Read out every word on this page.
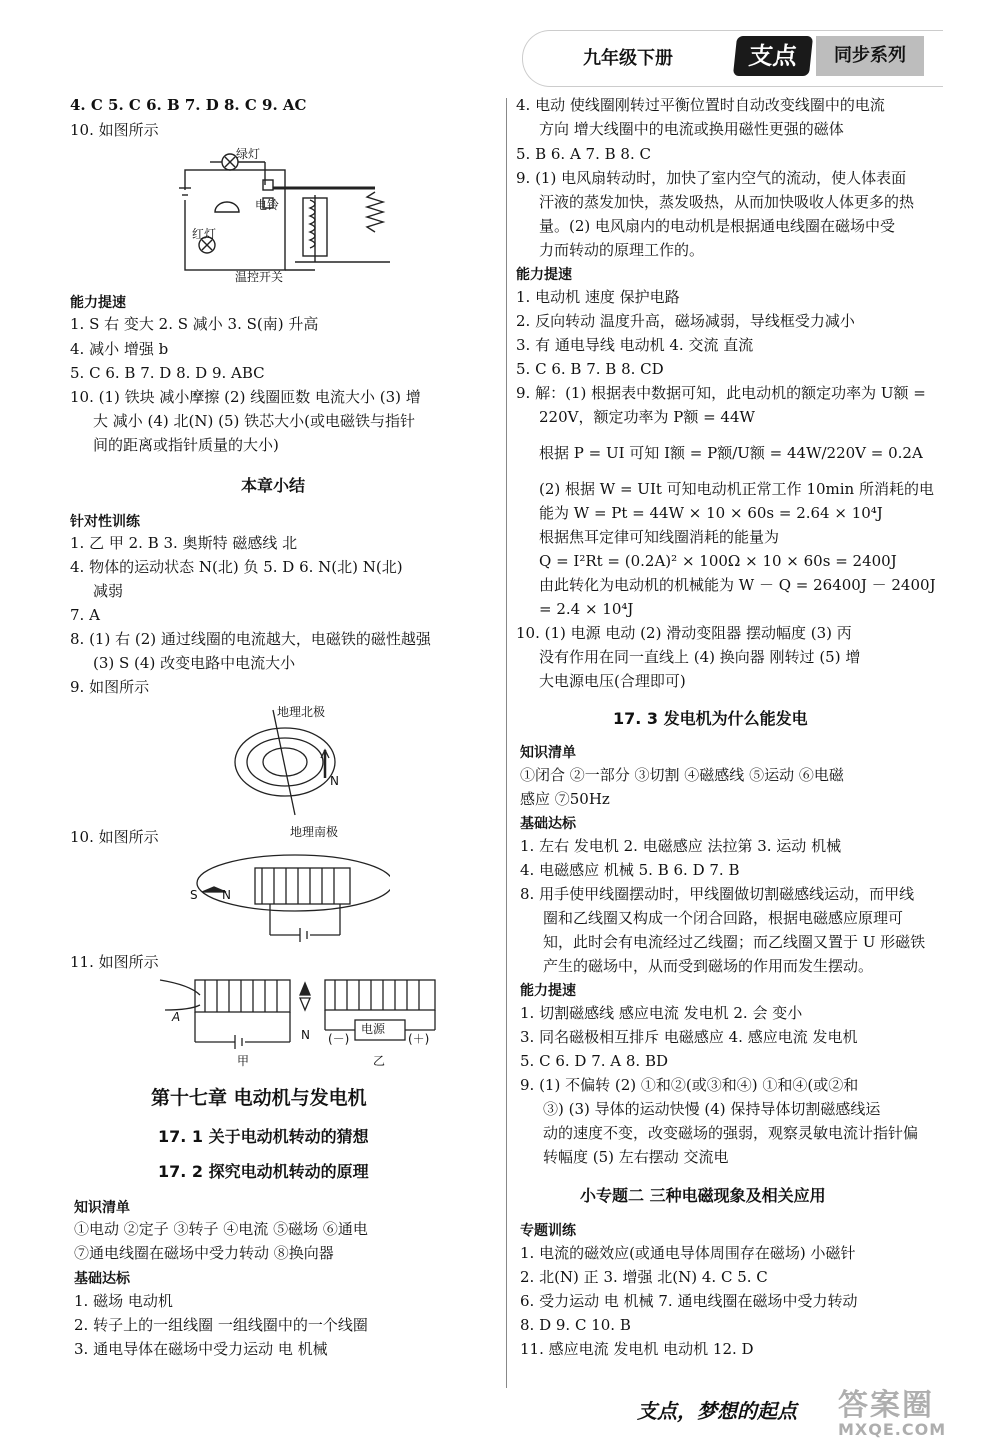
九年级下册	支点	同步系列
4. C 5. C 6. B 7. D 8. C 9. AC
10. 如图所示
绿灯
电铃
红灯
温控开关
能力提速
1. S 右 变大 2. S 减小 3. S(南) 升高
4. 减小 增强 b
5. C 6. B 7. D 8. D 9. ABC
10. (1) 铁块 减小摩擦 (2) 线圈匝数 电流大小 (3) 增
大 减小 (4) 北(N) (5) 铁芯大小(或电磁铁与指针
间的距离或指针质量的大小)
本章小结
针对性训练
1. 乙 甲 2. B 3. 奥斯特 磁感线 北
4. 物体的运动状态 N(北) 负 5. D 6. N(北) N(北)
减弱
7. A
8. (1) 右 (2) 通过线圈的电流越大，电磁铁的磁性越强
(3) S (4) 改变电路中电流大小
9. 如图所示
地理北极
N
地理南极
10. 如图所示
S N
11. 如图所示
A
N	电源
(－)	(＋)
甲	乙
第十七章 电动机与发电机
17. 1 关于电动机转动的猜想
17. 2 探究电动机转动的原理
知识清单
①电动 ②定子 ③转子 ④电流 ⑤磁场 ⑥通电
⑦通电线圈在磁场中受力转动 ⑧换向器
基础达标
1. 磁场 电动机
2. 转子上的一组线圈 一组线圈中的一个线圈
3. 通电导体在磁场中受力运动 电 机械
4. 电动 使线圈刚转过平衡位置时自动改变线圈中的电流
方向 增大线圈中的电流或换用磁性更强的磁体
5. B 6. A 7. B 8. C
9. (1) 电风扇转动时，加快了室内空气的流动，使人体表面
汗液的蒸发加快，蒸发吸热，从而加快吸收人体更多的热
量。(2) 电风扇内的电动机是根据通电线圈在磁场中受
力而转动的原理工作的。
能力提速
1. 电动机 速度 保护电路
2. 反向转动 温度升高，磁场减弱，导线框受力减小
3. 有 通电导线 电动机 4. 交流 直流
5. C 6. B 7. B 8. CD
9. 解：(1) 根据表中数据可知，此电动机的额定功率为 U额 =
220V，额定功率为 P额 = 44W
根据 P = UI 可知 I额 = P额/U额 = 44W/220V = 0.2A
(2) 根据 W = UIt 可知电动机正常工作 10min 所消耗的电
能为 W = Pt = 44W × 10 × 60s = 2.64 × 10⁴J
根据焦耳定律可知线圈消耗的能量为
Q = I²Rt = (0.2A)² × 100Ω × 10 × 60s = 2400J
由此转化为电动机的机械能为 W － Q = 26400J － 2400J
= 2.4 × 10⁴J
10. (1) 电源 电动 (2) 滑动变阻器 摆动幅度 (3) 丙
没有作用在同一直线上 (4) 换向器 刚转过 (5) 增
大电源电压(合理即可)
17. 3 发电机为什么能发电
知识清单
①闭合 ②一部分 ③切割 ④磁感线 ⑤运动 ⑥电磁
感应 ⑦50Hz
基础达标
1. 左右 发电机 2. 电磁感应 法拉第 3. 运动 机械
4. 电磁感应 机械 5. B 6. D 7. B
8. 用手使甲线圈摆动时，甲线圈做切割磁感线运动，而甲线
圈和乙线圈又构成一个闭合回路，根据电磁感应原理可
知，此时会有电流经过乙线圈；而乙线圈又置于 U 形磁铁
产生的磁场中，从而受到磁场的作用而发生摆动。
能力提速
1. 切割磁感线 感应电流 发电机 2. 会 变小
3. 同名磁极相互排斥 电磁感应 4. 感应电流 发电机
5. C 6. D 7. A 8. BD
9. (1) 不偏转 (2) ①和②(或③和④) ①和④(或②和
③) (3) 导体的运动快慢 (4) 保持导体切割磁感线运
动的速度不变，改变磁场的强弱，观察灵敏电流计指针偏
转幅度 (5) 左右摆动 交流电
小专题二 三种电磁现象及相关应用
专题训练
1. 电流的磁效应(或通电导体周围存在磁场) 小磁针
2. 北(N) 正 3. 增强 北(N) 4. C 5. C
6. 受力运动 电 机械 7. 通电线圈在磁场中受力转动
8. D 9. C 10. B
11. 感应电流 发电机 电动机 12. D
支点，梦想的起点 答案圈
MXQE.COM
